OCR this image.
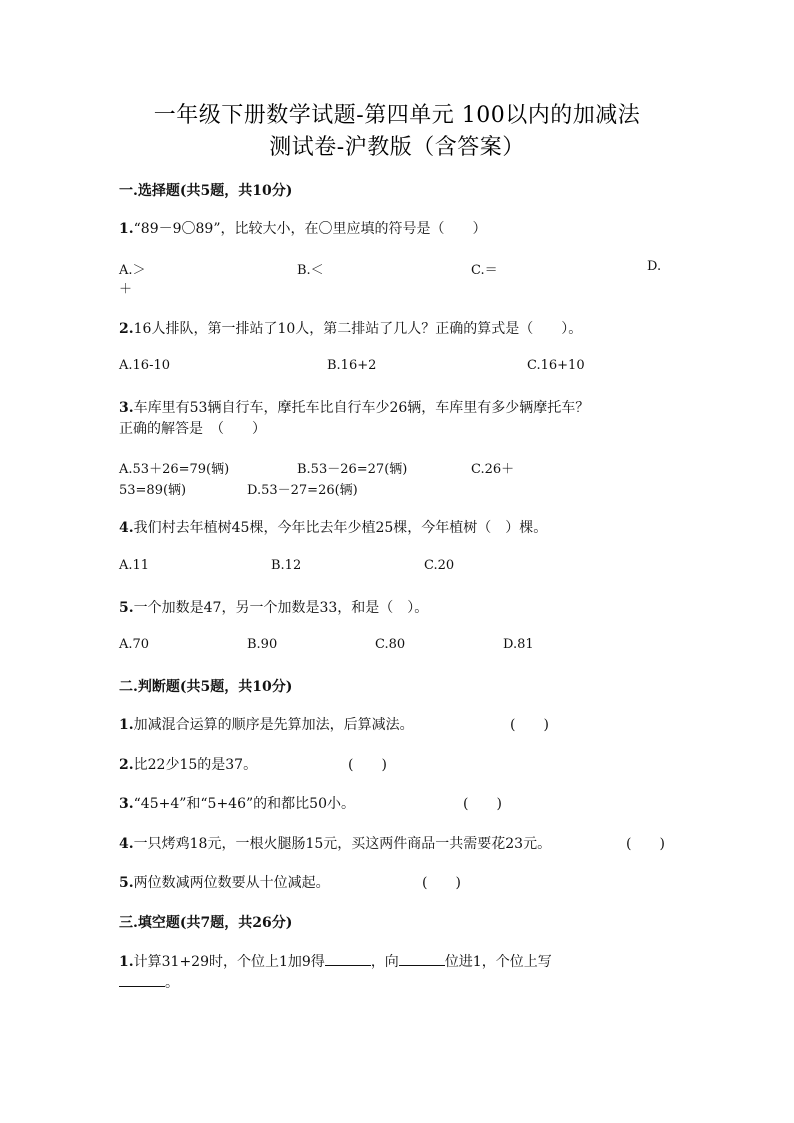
一年级下册数学试题-第四单元 100以内的加减法
测试卷-沪教版（含答案）
一.选择题(共5题，共10分)
1.“89－9〇89”，比较大小，在〇里应填的符号是（　　）
A.＞	B.＜	C.＝	D.
＋
2.16人排队，第一排站了10人，第二排站了几人？正确的算式是（　　）。
A.16-10	B.16+2	C.16+10
3.车库里有53辆自行车，摩托车比自行车少26辆，车库里有多少辆摩托车？
正确的解答是　（　　）
A.53＋26=79(辆)	B.53－26=27(辆)	C.26＋
53=89(辆)	D.53－27=26(辆)
4.我们村去年植树45棵，今年比去年少植25棵，今年植树（　）棵。
A.11	B.12	C.20
5.一个加数是47，另一个加数是33，和是（　）。
A.70	B.90	C.80	D.81
二.判断题(共5题，共10分)
1.加减混合运算的顺序是先算加法，后算减法。	(　　)
2.比22少15的是37。	(　　)
3.“45+4”和“5+46”的和都比50小。	(　　)
4.一只烤鸡18元，一根火腿肠15元，买这两件商品一共需要花23元。	(　　)
5.两位数减两位数要从十位减起。	(　　)
三.填空题(共7题，共26分)
1.计算31+29时，个位上1加9得	，向	位进1，个位上写
。
